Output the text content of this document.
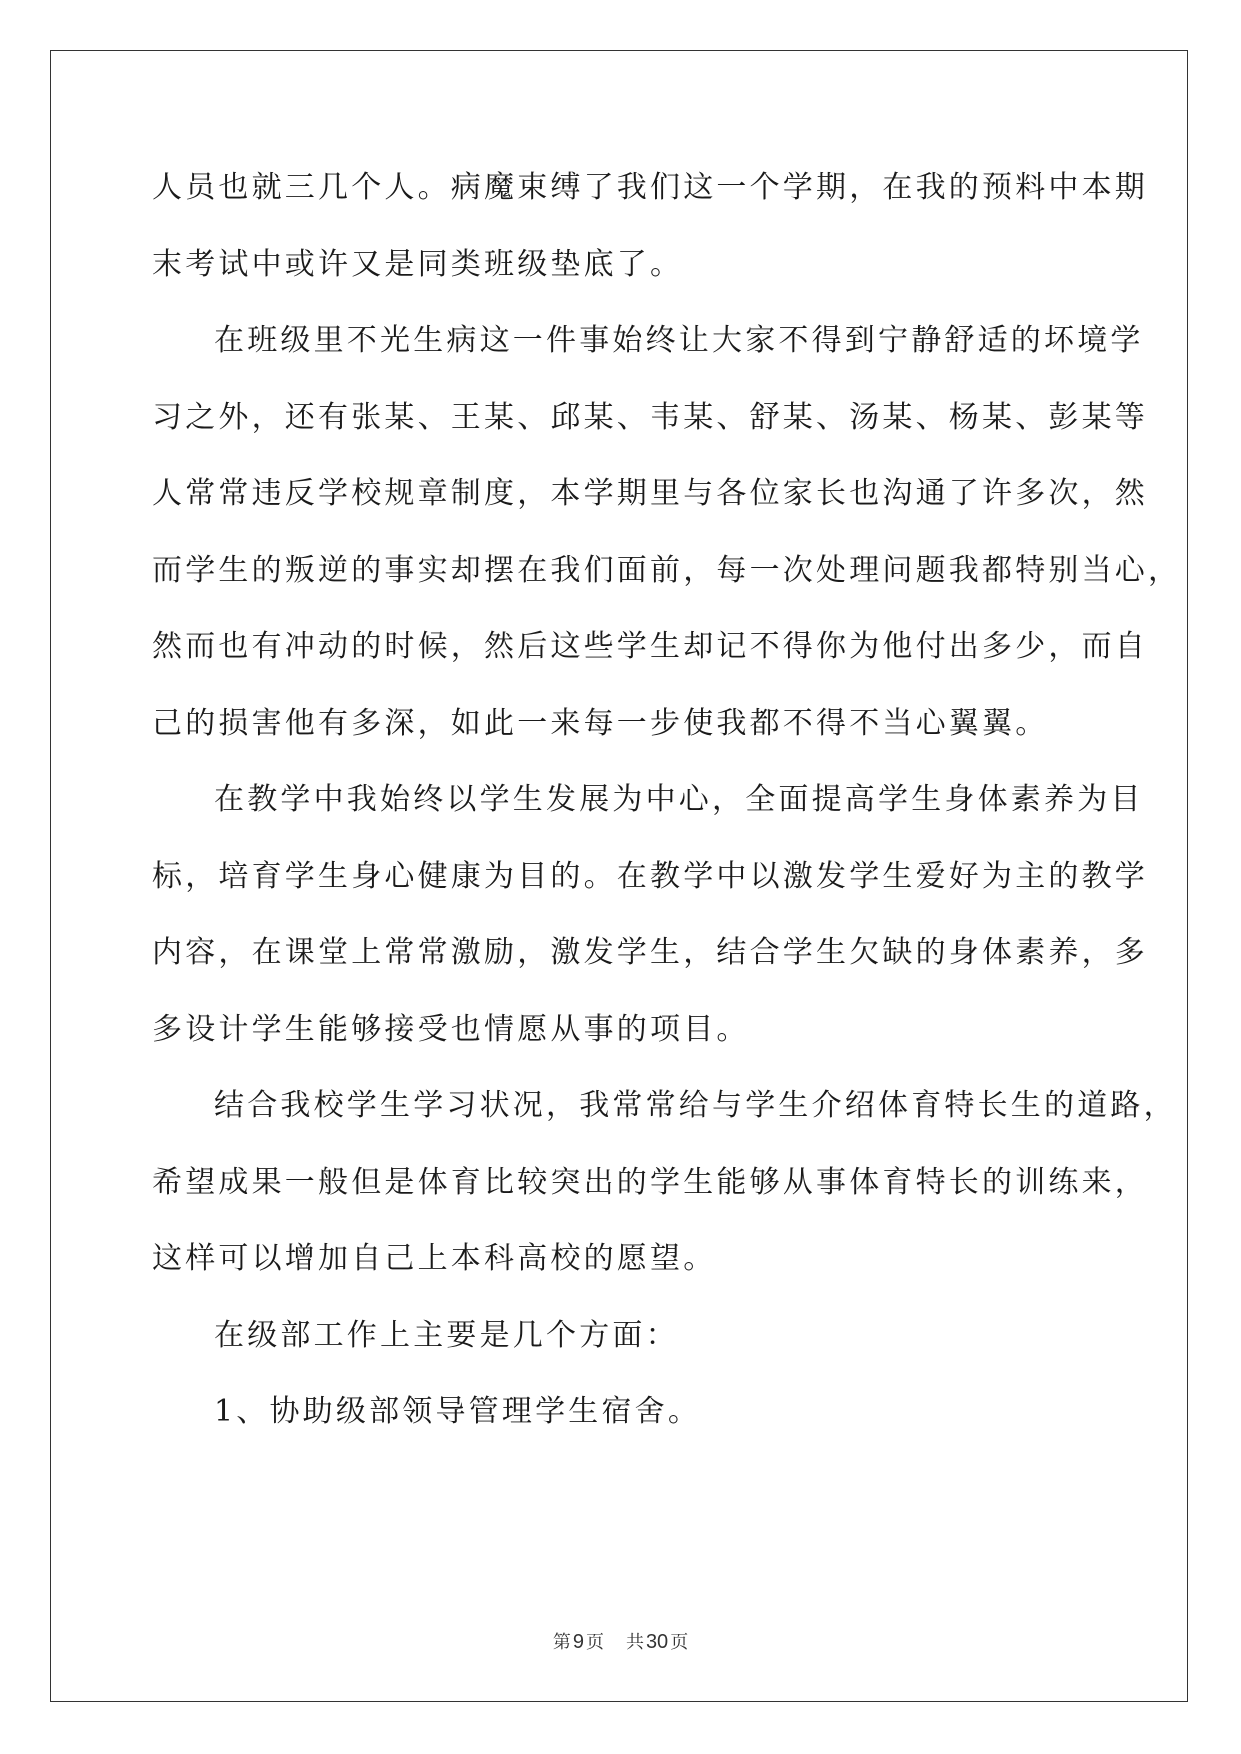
人员也就三几个人。病魔束缚了我们这一个学期，在我的预料中本期
末考试中或许又是同类班级垫底了。
在班级里不光生病这一件事始终让大家不得到宁静舒适的坏境学
习之外，还有张某、王某、邱某、韦某、舒某、汤某、杨某、彭某等
人常常违反学校规章制度，本学期里与各位家长也沟通了许多次，然
而学生的叛逆的事实却摆在我们面前，每一次处理问题我都特别当心，
然而也有冲动的时候，然后这些学生却记不得你为他付出多少，而自
己的损害他有多深，如此一来每一步使我都不得不当心翼翼。
在教学中我始终以学生发展为中心，全面提高学生身体素养为目
标，培育学生身心健康为目的。在教学中以激发学生爱好为主的教学
内容，在课堂上常常激励，激发学生，结合学生欠缺的身体素养，多
多设计学生能够接受也情愿从事的项目。
结合我校学生学习状况，我常常给与学生介绍体育特长生的道路，
希望成果一般但是体育比较突出的学生能够从事体育特长的训练来，
这样可以增加自己上本科高校的愿望。
在级部工作上主要是几个方面：
1、协助级部领导管理学生宿舍。
第 9 页 共 30 页
